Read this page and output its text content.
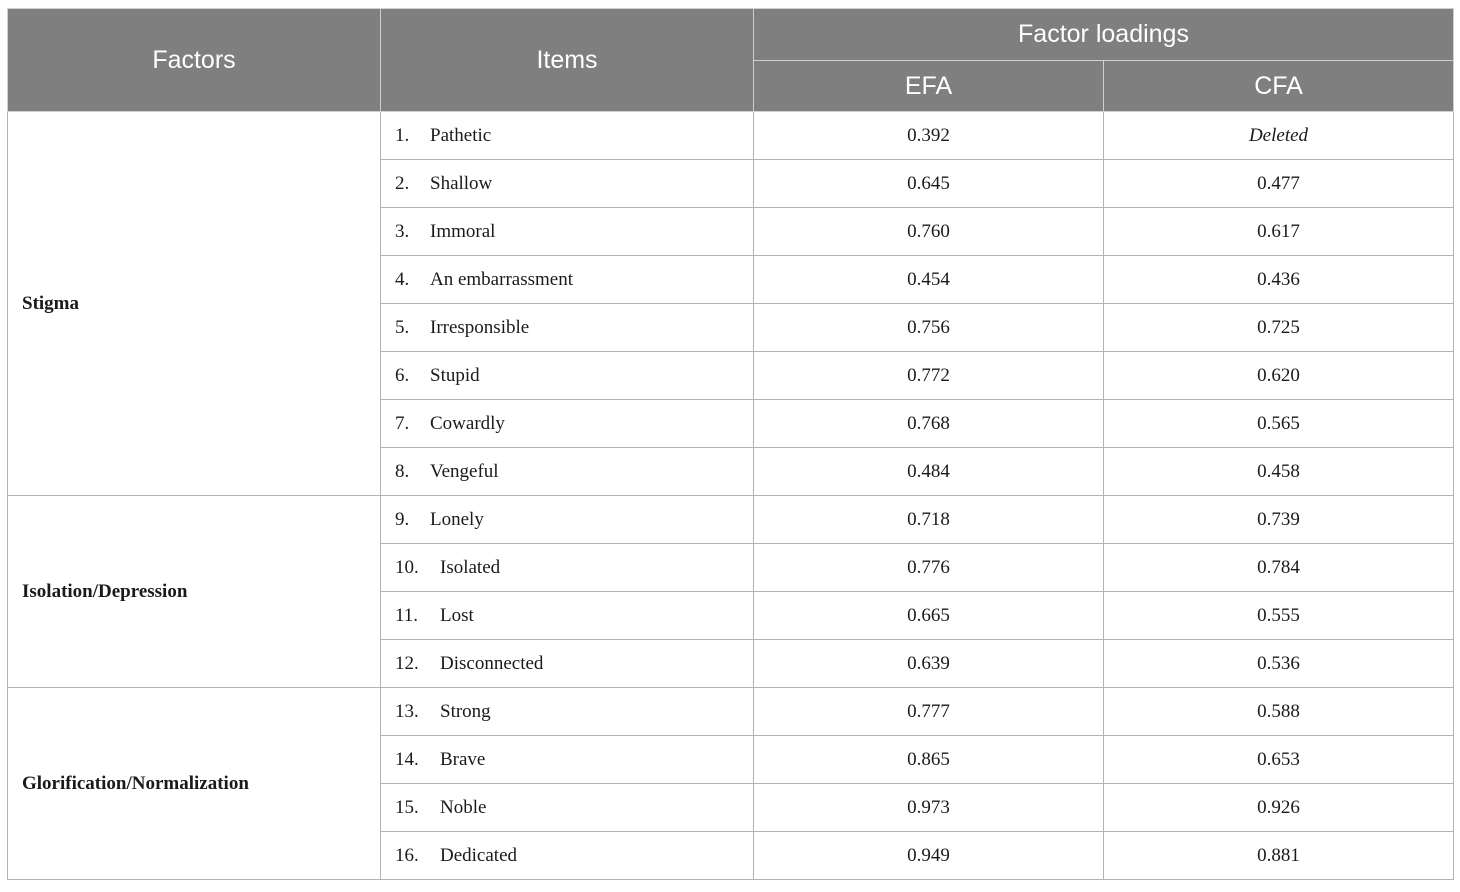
Factors	Items	Factor loadings	
		EFA	CFA
Stigma	1. Pathetic	0.392	Deleted
	2. Shallow	0.645	0.477
	3. Immoral	0.760	0.617
	4. An embarrassment	0.454	0.436
	5. Irresponsible	0.756	0.725
	6. Stupid	0.772	0.620
	7. Cowardly	0.768	0.565
	8. Vengeful	0.484	0.458
Isolation/Depression	9. Lonely	0.718	0.739
	10. Isolated	0.776	0.784
	11. Lost	0.665	0.555
	12. Disconnected	0.639	0.536
Glorification/Normalization	13. Strong	0.777	0.588
	14. Brave	0.865	0.653
	15. Noble	0.973	0.926
	16. Dedicated	0.949	0.881
